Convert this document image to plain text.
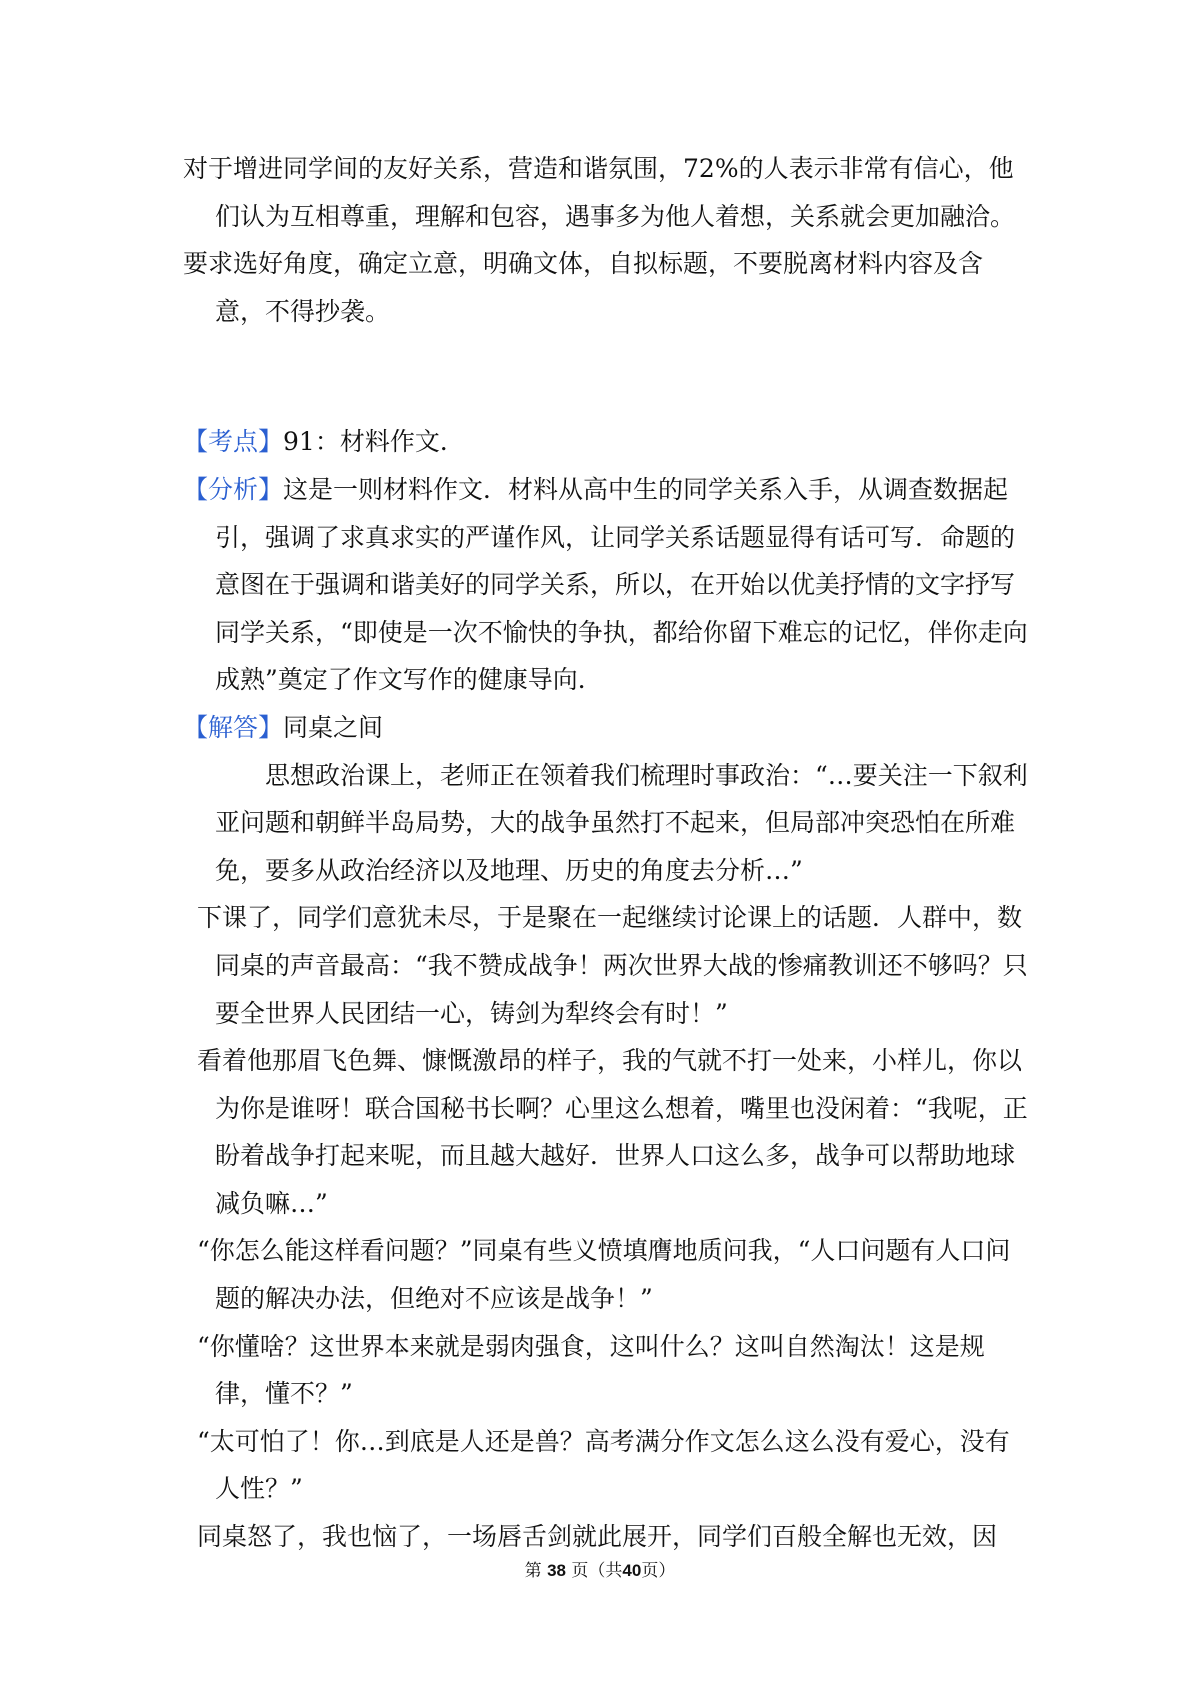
对于增进同学间的友好关系，营造和谐氛围，72%的人表示非常有信心，他们认为互相尊重，理解和包容，遇事多为他人着想，关系就会更加融洽。

要求选好角度，确定立意，明确文体，自拟标题，不要脱离材料内容及含意，不得抄袭。

【考点】91：材料作文．

【分析】这是一则材料作文．材料从高中生的同学关系入手，从调查数据起引，强调了求真求实的严谨作风，让同学关系话题显得有话可写．命题的意图在于强调和谐美好的同学关系，所以，在开始以优美抒情的文字抒写同学关系，“即使是一次不愉快的争执，都给你留下难忘的记忆，伴你走向成熟”奠定了作文写作的健康导向．

【解答】同桌之间

思想政治课上，老师正在领着我们梳理时事政治：“…要关注一下叙利亚问题和朝鲜半岛局势，大的战争虽然打不起来，但局部冲突恐怕在所难免，要多从政治经济以及地理、历史的角度去分析…”

下课了，同学们意犹未尽，于是聚在一起继续讨论课上的话题．人群中，数同桌的声音最高：“我不赞成战争！两次世界大战的惨痛教训还不够吗？只要全世界人民团结一心，铸剑为犁终会有时！”

看着他那眉飞色舞、慷慨激昂的样子，我的气就不打一处来，小样儿，你以为你是谁呀！联合国秘书长啊？心里这么想着，嘴里也没闲着：“我呢，正盼着战争打起来呢，而且越大越好．世界人口这么多，战争可以帮助地球减负嘛…”

“你怎么能这样看问题？”同桌有些义愤填膺地质问我，“人口问题有人口问题的解决办法，但绝对不应该是战争！”

“你懂啥？这世界本来就是弱肉强食，这叫什么？这叫自然淘汰！这是规律，懂不？”

“太可怕了！你…到底是人还是兽？高考满分作文怎么这么没有爱心，没有人性？”

同桌怒了，我也恼了，一场唇舌剑就此展开，同学们百般全解也无效，因

第 38 页（共40页）
